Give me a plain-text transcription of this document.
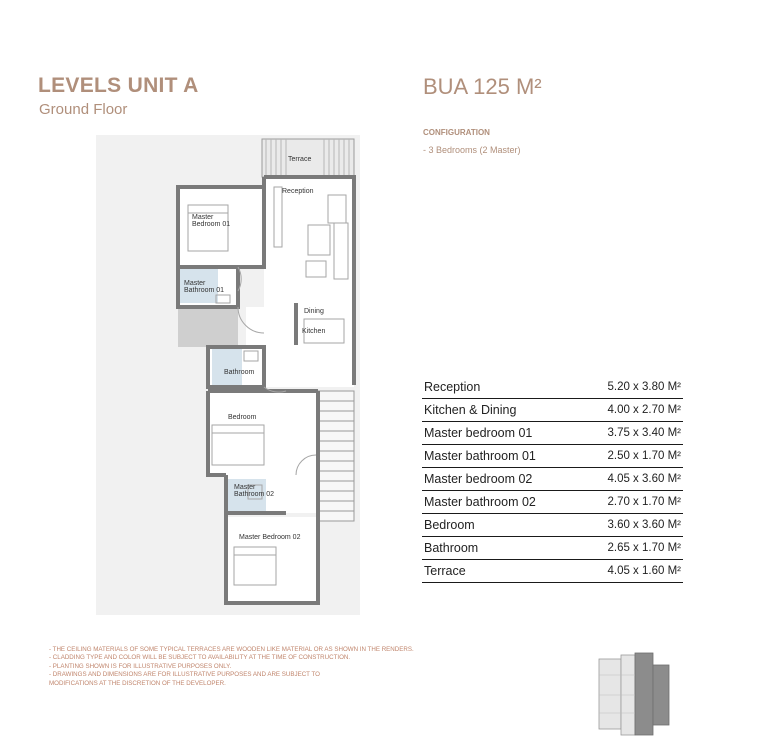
LEVELS UNIT A
Ground Floor
BUA 125 M²
CONFIGURATION
- 3 Bedrooms (2 Master)
Terrace
Reception
Master
Bedroom 01
Master
Bathroom 01
Dining
Kitchen
Bathroom
Bedroom
Master
Bathroom 02
Master Bedroom 02
Reception	5.20 x 3.80 M²
Kitchen & Dining	4.00 x 2.70 M²
Master bedroom 01	3.75 x 3.40 M²
Master bathroom 01	2.50 x 1.70 M²
Master bedroom 02	4.05 x 3.60 M²
Master bathroom 02	2.70 x 1.70 M²
Bedroom	3.60 x 3.60 M²
Bathroom	2.65 x 1.70 M²
Terrace	4.05 x 1.60 M²
- THE CEILING MATERIALS OF SOME TYPICAL TERRACES ARE WOODEN LIKE MATERIAL OR AS SHOWN IN THE RENDERS.
- CLADDING TYPE AND COLOR WILL BE SUBJECT TO AVAILABILITY AT THE TIME OF CONSTRUCTION.
- PLANTING SHOWN IS FOR ILLUSTRATIVE PURPOSES ONLY.
- DRAWINGS AND DIMENSIONS ARE FOR ILLUSTRATIVE PURPOSES AND ARE SUBJECT TO
MODIFICATIONS AT THE DISCRETION OF THE DEVELOPER.
